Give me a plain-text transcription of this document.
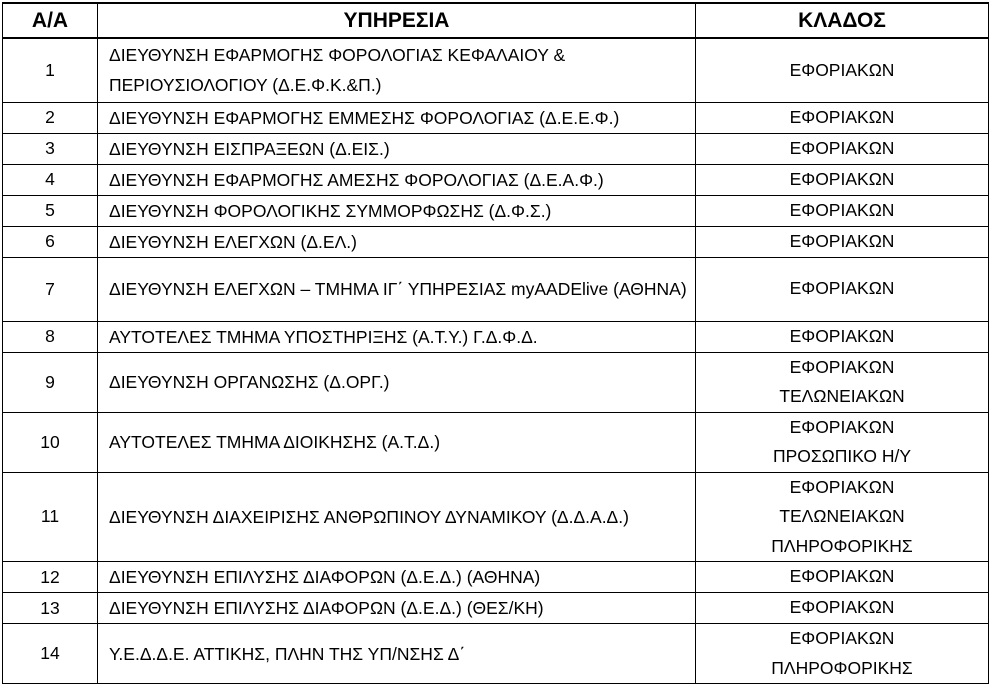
Α/Α	ΥΠΗΡΕΣΙΑ	ΚΛΑΔΟΣ
1	ΔΙΕΥΘΥΝΣΗ ΕΦΑΡΜΟΓΗΣ ΦΟΡΟΛΟΓΙΑΣ ΚΕΦΑΛΑΙΟΥ & ΠΕΡΙΟΥΣΙΟΛΟΓΙΟΥ (Δ.Ε.Φ.Κ.&Π.)	ΕΦΟΡΙΑΚΩΝ

2	ΔΙΕΥΘΥΝΣΗ ΕΦΑΡΜΟΓΗΣ ΕΜΜΕΣΗΣ ΦΟΡΟΛΟΓΙΑΣ (Δ.Ε.Ε.Φ.)	ΕΦΟΡΙΑΚΩΝ

3	ΔΙΕΥΘΥΝΣΗ ΕΙΣΠΡΑΞΕΩΝ (Δ.ΕΙΣ.)	ΕΦΟΡΙΑΚΩΝ

4	ΔΙΕΥΘΥΝΣΗ ΕΦΑΡΜΟΓΗΣ ΑΜΕΣΗΣ ΦΟΡΟΛΟΓΙΑΣ (Δ.Ε.Α.Φ.)	ΕΦΟΡΙΑΚΩΝ

5	ΔΙΕΥΘΥΝΣΗ ΦΟΡΟΛΟΓΙΚΗΣ ΣΥΜΜΟΡΦΩΣΗΣ (Δ.Φ.Σ.)	ΕΦΟΡΙΑΚΩΝ

6	ΔΙΕΥΘΥΝΣΗ ΕΛΕΓΧΩΝ (Δ.ΕΛ.)	ΕΦΟΡΙΑΚΩΝ

7	ΔΙΕΥΘΥΝΣΗ ΕΛΕΓΧΩΝ – ΤΜΗΜΑ ΙΓ΄ ΥΠΗΡΕΣΙΑΣ myAADElive (ΑΘΗΝΑ)	ΕΦΟΡΙΑΚΩΝ

8	ΑΥΤΟΤΕΛΕΣ ΤΜΗΜΑ ΥΠΟΣΤΗΡΙΞΗΣ (Α.Τ.Υ.) Γ.Δ.Φ.Δ.	ΕΦΟΡΙΑΚΩΝ

9	ΔΙΕΥΘΥΝΣΗ ΟΡΓΑΝΩΣΗΣ (Δ.ΟΡΓ.)	ΕΦΟΡΙΑΚΩΝ
ΤΕΛΩΝΕΙΑΚΩΝ

10	ΑΥΤΟΤΕΛΕΣ ΤΜΗΜΑ ΔΙΟΙΚΗΣΗΣ (Α.Τ.Δ.)	ΕΦΟΡΙΑΚΩΝ
ΠΡΟΣΩΠΙΚΟ Η/Υ

11	ΔΙΕΥΘΥΝΣΗ ΔΙΑΧΕΙΡΙΣΗΣ ΑΝΘΡΩΠΙΝΟΥ ΔΥΝΑΜΙΚΟΥ (Δ.Δ.Α.Δ.)	ΕΦΟΡΙΑΚΩΝ
ΤΕΛΩΝΕΙΑΚΩΝ
ΠΛΗΡΟΦΟΡΙΚΗΣ

12	ΔΙΕΥΘΥΝΣΗ ΕΠΙΛΥΣΗΣ ΔΙΑΦΟΡΩΝ (Δ.Ε.Δ.) (ΑΘΗΝΑ)	ΕΦΟΡΙΑΚΩΝ

13	ΔΙΕΥΘΥΝΣΗ ΕΠΙΛΥΣΗΣ ΔΙΑΦΟΡΩΝ (Δ.Ε.Δ.) (ΘΕΣ/ΚΗ)	ΕΦΟΡΙΑΚΩΝ

14	Υ.Ε.Δ.Δ.Ε. ΑΤΤΙΚΗΣ, ΠΛΗΝ ΤΗΣ ΥΠ/ΝΣΗΣ Δ΄	ΕΦΟΡΙΑΚΩΝ
ΠΛΗΡΟΦΟΡΙΚΗΣ
